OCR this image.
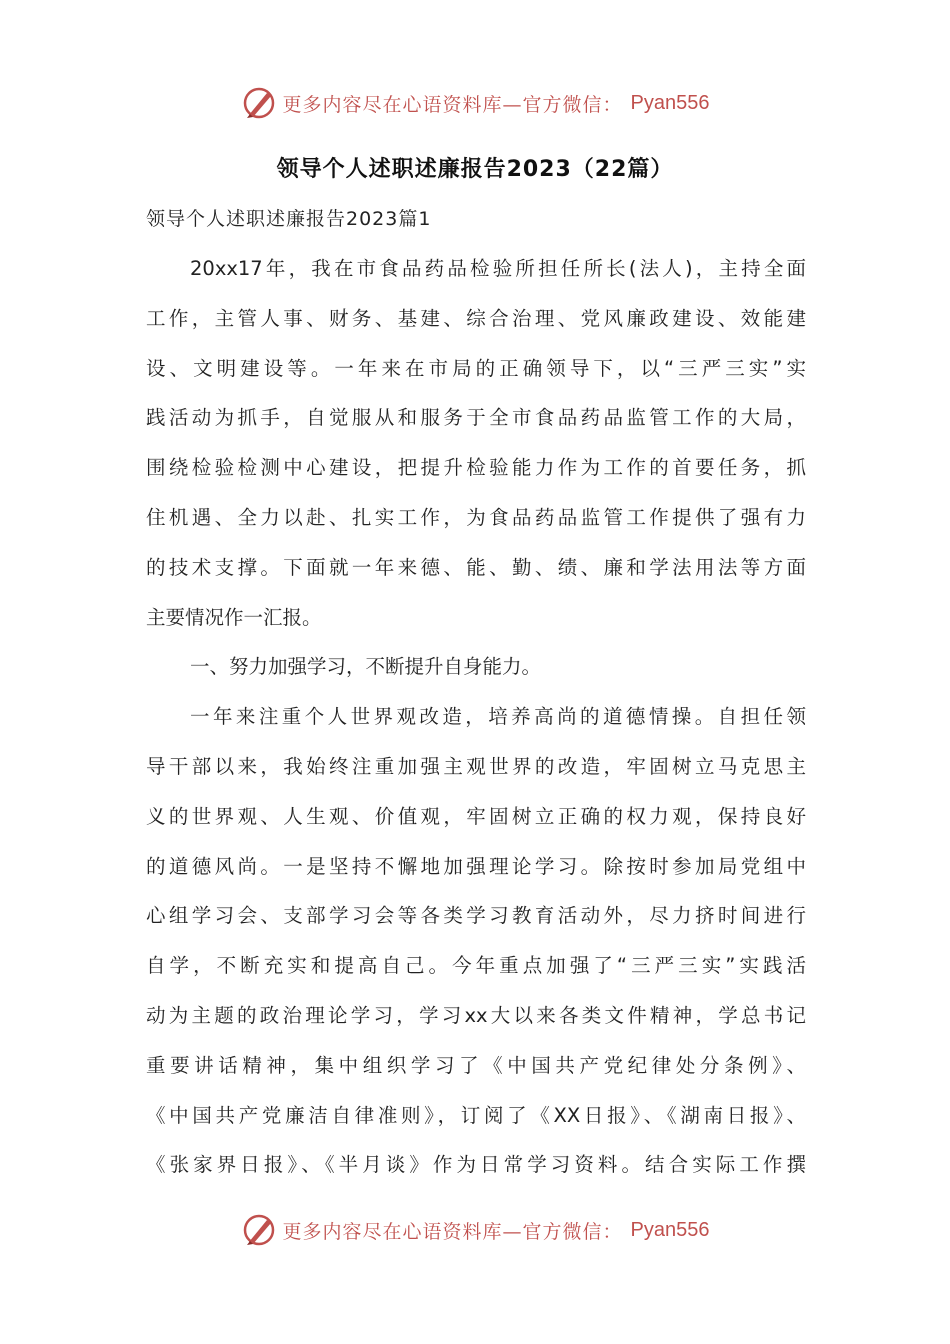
更多内容尽在心语资料库—官方微信： Pyan556
领导个人述职述廉报告2023（22篇）
领导个人述职述廉报告2023篇1
20xx17年，我在市食品药品检验所担任所长(法人)，主持全面
工作，主管人事、财务、基建、综合治理、党风廉政建设、效能建
设、文明建设等。一年来在市局的正确领导下，以“三严三实”实
践活动为抓手，自觉服从和服务于全市食品药品监管工作的大局，
围绕检验检测中心建设，把提升检验能力作为工作的首要任务，抓
住机遇、全力以赴、扎实工作，为食品药品监管工作提供了强有力
的技术支撑。下面就一年来德、能、勤、绩、廉和学法用法等方面
主要情况作一汇报。
一、努力加强学习，不断提升自身能力。
一年来注重个人世界观改造，培养高尚的道德情操。自担任领
导干部以来，我始终注重加强主观世界的改造，牢固树立马克思主
义的世界观、人生观、价值观，牢固树立正确的权力观，保持良好
的道德风尚。一是坚持不懈地加强理论学习。除按时参加局党组中
心组学习会、支部学习会等各类学习教育活动外，尽力挤时间进行
自学，不断充实和提高自己。今年重点加强了“三严三实”实践活
动为主题的政治理论学习，学习xx大以来各类文件精神，学总书记
重要讲话精神，集中组织学习了《中国共产党纪律处分条例》、
《中国共产党廉洁自律准则》，订阅了《XX日报》、《湖南日报》、
《张家界日报》、《半月谈》作为日常学习资料。结合实际工作撰
更多内容尽在心语资料库—官方微信： Pyan556
